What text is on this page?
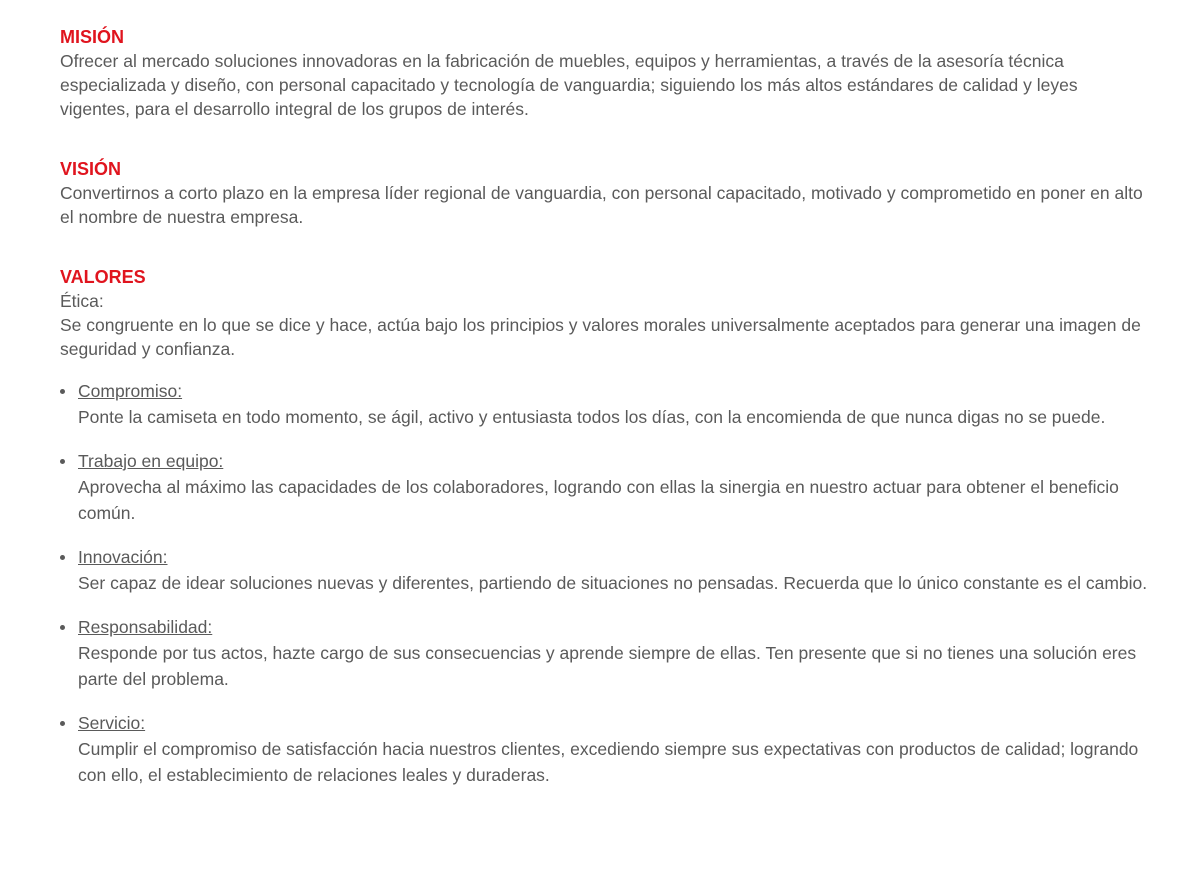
MISIÓN

Ofrecer al mercado soluciones innovadoras en la fabricación de muebles, equipos y herramientas, a través de la asesoría técnica especializada y diseño, con personal capacitado y tecnología de vanguardia; siguiendo los más altos estándares de calidad y leyes vigentes, para el desarrollo integral de los grupos de interés.

VISIÓN

Convertirnos a corto plazo en la empresa líder regional de vanguardia, con personal capacitado, motivado y comprometido en poner en alto el nombre de nuestra empresa.

VALORES

Ética:

Se congruente en lo que se dice y hace, actúa bajo los principios y valores morales universalmente aceptados para generar una imagen de seguridad y confianza.

Compromiso:
Ponte la camiseta en todo momento, se ágil, activo y entusiasta todos los días, con la encomienda de que nunca digas no se puede.
Trabajo en equipo:
Aprovecha al máximo las capacidades de los colaboradores, logrando con ellas la sinergia en nuestro actuar para obtener el beneficio común.
Innovación:
Ser capaz de idear soluciones nuevas y diferentes, partiendo de situaciones no pensadas. Recuerda que lo único constante es el cambio.
Responsabilidad:
Responde por tus actos, hazte cargo de sus consecuencias y aprende siempre de ellas. Ten presente que si no tienes una solución eres parte del problema.
Servicio:
Cumplir el compromiso de satisfacción hacia nuestros clientes, excediendo siempre sus expectativas con productos de calidad; logrando con ello, el establecimiento de relaciones leales y duraderas.
